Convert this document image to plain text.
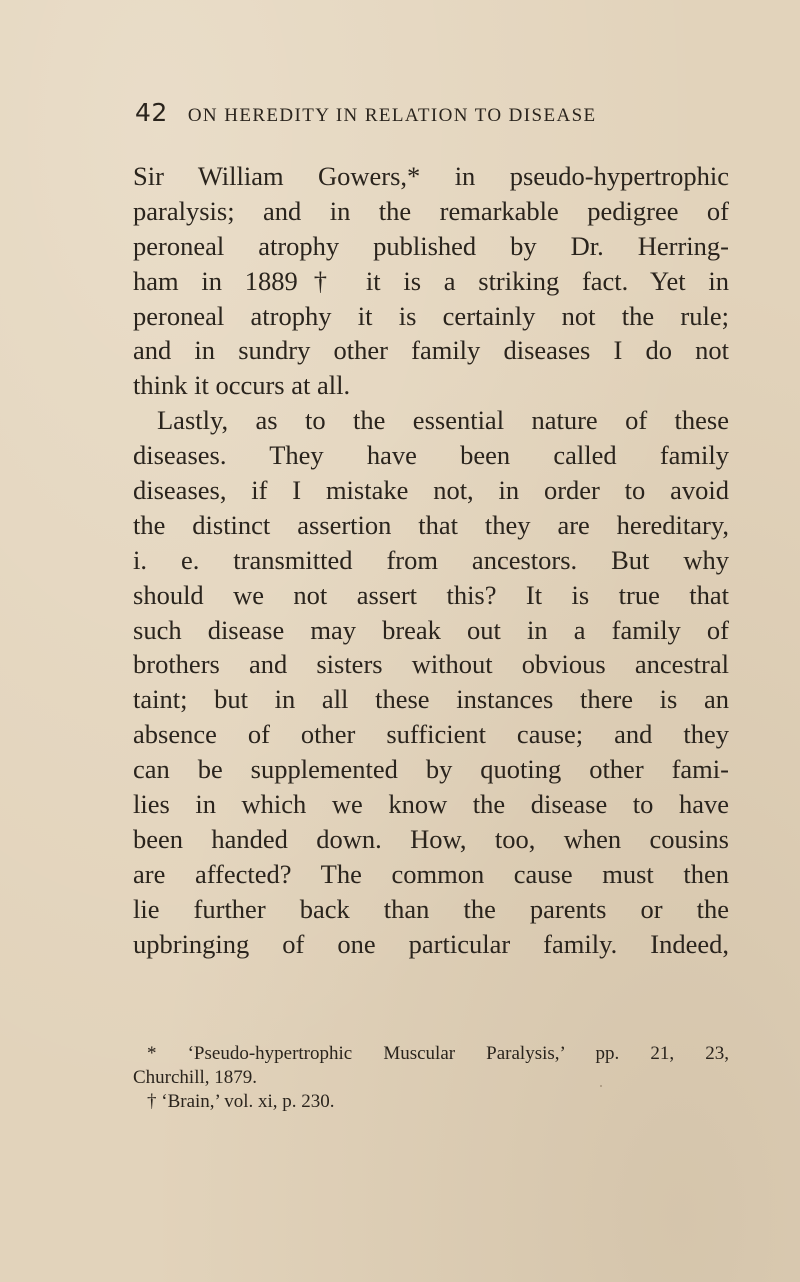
42 ON HEREDITY IN RELATION TO DISEASE
Sir William Gowers,* in pseudo-hypertrophic
paralysis; and in the remarkable pedigree of
peroneal atrophy published by Dr. Herring-
ham in 1889† it is a striking fact. Yet in
peroneal atrophy it is certainly not the rule;
and in sundry other family diseases I do not
think it occurs at all.
Lastly, as to the essential nature of these
diseases. They have been called family
diseases, if I mistake not, in order to avoid
the distinct assertion that they are hereditary,
i. e. transmitted from ancestors. But why
should we not assert this? It is true that
such disease may break out in a family of
brothers and sisters without obvious ancestral
taint; but in all these instances there is an
absence of other sufficient cause; and they
can be supplemented by quoting other fami-
lies in which we know the disease to have
been handed down. How, too, when cousins
are affected? The common cause must then
lie further back than the parents or the
upbringing of one particular family. Indeed,
* ‘Pseudo-hypertrophic Muscular Paralysis,’ pp. 21, 23,
Churchill, 1879.
† ‘Brain,’ vol. xi, p. 230.
